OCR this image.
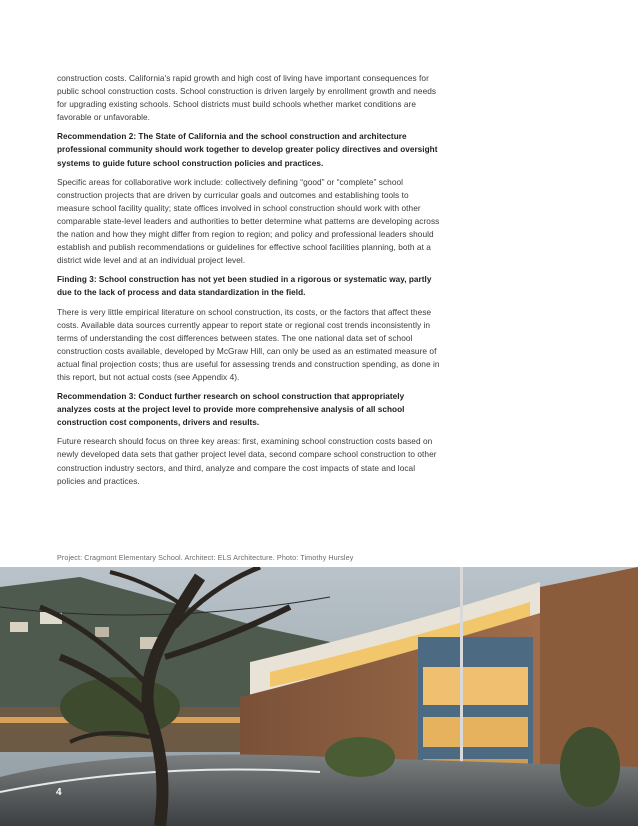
construction costs. California's rapid growth and high cost of living have important consequences for public school construction costs. School construction is driven largely by enrollment growth and needs for upgrading existing schools. School districts must build schools whether market conditions are favorable or unfavorable.

Recommendation 2: The State of California and the school construction and architecture professional community should work together to develop greater policy directives and oversight systems to guide future school construction policies and practices.

Specific areas for collaborative work include: collectively defining “good” or “complete” school construction projects that are driven by curricular goals and outcomes and establishing tools to measure school facility quality; state offices involved in school construction should work with other comparable state-level leaders and authorities to better determine what patterns are developing across the nation and how they might differ from region to region; and policy and professional leaders should establish and publish recommendations or guidelines for effective school facilities planning, both at a district wide level and at an individual project level.

Finding 3: School construction has not yet been studied in a rigorous or systematic way, partly due to the lack of process and data standardization in the field.

There is very little empirical literature on school construction, its costs, or the factors that affect these costs. Available data sources currently appear to report state or regional cost trends inconsistently in terms of understanding the cost differences between states. The one national data set of school construction costs available, developed by McGraw Hill, can only be used as an estimated measure of actual final projection costs; thus are useful for assessing trends and construction spending, as done in this report, but not actual costs (see Appendix 4).

Recommendation 3: Conduct further research on school construction that appropriately analyzes costs at the project level to provide more comprehensive analysis of all school construction cost components, drivers and results.

Future research should focus on three key areas: first, examining school construction costs based on newly developed data sets that gather project level data, second compare school construction to other construction industry sectors, and third, analyze and compare the cost impacts of state and local policies and practices.

Project: Cragmont Elementary School. Architect: ELS Architecture. Photo: Timothy Hursley
4
